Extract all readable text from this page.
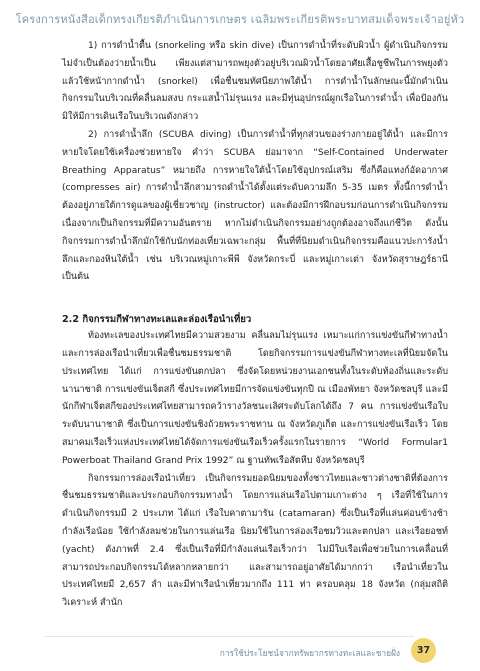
โครงการหนังสือเด็กทรงเกียรติภำเนินการเกษตร เฉลิมพระเกียรติพระบาทสมเด็จพระเจ้าอยู่หัว

1) การดำน้ำตื้น (snorkeling หรือ skin dive) เป็นการดำน้ำที่ระดับผิวน้ำ ผู้ดำเนินกิจกรรมไม่จำเป็นต้องว่ายน้ำเป็น เพียงแต่สามารถพยุงตัวอยู่บริเวณผิวน้ำโดยอาศัยเสื้อชูชีพในการพยุงตัว แล้วใช้หน้ากากดำน้ำ (snorkel) เพื่อชื่นชมทัศนียภาพใต้น้ำ การดำน้ำในลักษณะนี้มักดำเนินกิจกรรมในบริเวณที่คลื่นลมสงบ กระแสน้ำไม่รุนแรง และมีทุ่นอุปกรณ์ผูกเรือในการดำน้ำ เพื่อป้องกันมิให้มีการเดินเรือในบริเวณดังกล่าว

2) การดำน้ำลึก (SCUBA diving) เป็นการดำน้ำที่ทุกส่วนของร่างกายอยู่ใต้น้ำ และมีการหายใจโดยใช้เครื่องช่วยหายใจ คำว่า SCUBA ย่อมาจาก “Self-Contained Underwater Breathing Apparatus” หมายถึง การหายใจใต้น้ำโดยใช้อุปกรณ์เสริม ซึ่งก็คือแทงก์อัดอากาศ (compresses air) การดำน้ำลึกสามารถดำน้ำได้ตั้งแต่ระดับความลึก 5-35 เมตร ทั้งนี้การดำน้ำต้องอยู่ภายใต้การดูแลของผู้เชี่ยวชาญ (instructor) และต้องมีการฝึกอบรมก่อนการดำเนินกิจกรรม เนื่องจากเป็นกิจกรรมที่มีความอันตราย หากไม่ดำเนินกิจกรรมอย่างถูกต้องอาจถึงแก่ชีวิต ดังนั้นกิจกรรมการดำน้ำลึกมักใช้กับนักท่องเที่ยวเฉพาะกลุ่ม พื้นที่ที่นิยมดำเนินกิจกรรมคือแนวปะการังน้ำลึกและกองหินใต้น้ำ เช่น บริเวณหมู่เกาะพีพี จังหวัดกระบี่ และหมู่เกาะเต่า จังหวัดสุราษฎร์ธานี เป็นต้น

2.2 กิจกรรมกีฬาทางทะเลและล่องเรือนำเที่ยว

ท้องทะเลของประเทศไทยมีความสวยงาม คลื่นลมไม่รุนแรง เหมาะแก่การแข่งขันกีฬาทางน้ำและการล่องเรือนำเที่ยวเพื่อชื่นชมธรรมชาติ โดยกิจกรรมการแข่งขันกีฬาทางทะเลที่นิยมจัดในประเทศไทย ได้แก่ การแข่งขันตกปลา ซึ่งจัดโดยหน่วยงานเอกชนทั้งในระดับท้องถิ่นและระดับนานาชาติ การแข่งขันเจ็ตสกี ซึ่งประเทศไทยมีการจัดแข่งขันทุกปี ณ เมืองพัทยา จังหวัดชลบุรี และมีนักกีฬาเจ็ตสกีของประเทศไทยสามารถคว้ารางวัลชนะเลิศระดับโลกได้ถึง 7 คน การแข่งขันเรือใบระดับนานาชาติ ซึ่งเป็นการแข่งขันชิงถ้วยพระราชทาน ณ จังหวัดภูเก็ต และการแข่งขันเรือเร็ว โดยสมาคมเรือเร็วแห่งประเทศไทยได้จัดการแข่งขันเรือเร็วครั้งแรกในรายการ “World Formular1 Powerboat Thailand Grand Prix 1992” ณ ฐานทัพเรือสัตหีบ จังหวัดชลบุรี

กิจกรรมการล่องเรือนำเที่ยว เป็นกิจกรรมยอดนิยมของทั้งชาวไทยและชาวต่างชาติที่ต้องการชื่นชมธรรมชาติและประกอบกิจกรรมทางน้ำ โดยการแล่นเรือไปตามเกาะต่าง ๆ เรือที่ใช้ในการดำเนินกิจกรรมมี 2 ประเภท ได้แก่ เรือใบคาตามารัน (catamaran) ซึ่งเป็นเรือที่แล่นค่อนข้างช้ากำลังเรือน้อย ใช้กำลังลมช่วยในการแล่นเรือ นิยมใช้ในการล่องเรือชมวิวและตกปลา และเรือยอชท์ (yacht) ดังภาพที่ 2.4 ซึ่งเป็นเรือที่มีกำลังแล่นเรือเร็วกว่า ไม่มีใบเรือเพื่อช่วยในการเคลื่อนที่ สามารถประกอบกิจกรรมได้หลากหลายกว่า และสามารถอยู่อาศัยได้มากกว่า เรือนำเที่ยวในประเทศไทยมี 2,657 ลำ และมีท่าเรือนำเที่ยวมากถึง 111 ท่า ครอบคลุม 18 จังหวัด (กลุ่มสถิติวิเคราะห์ สำนัก

การใช้ประโยชน์จากทรัพยากรทางทะเลและชายฝั่ง 37
